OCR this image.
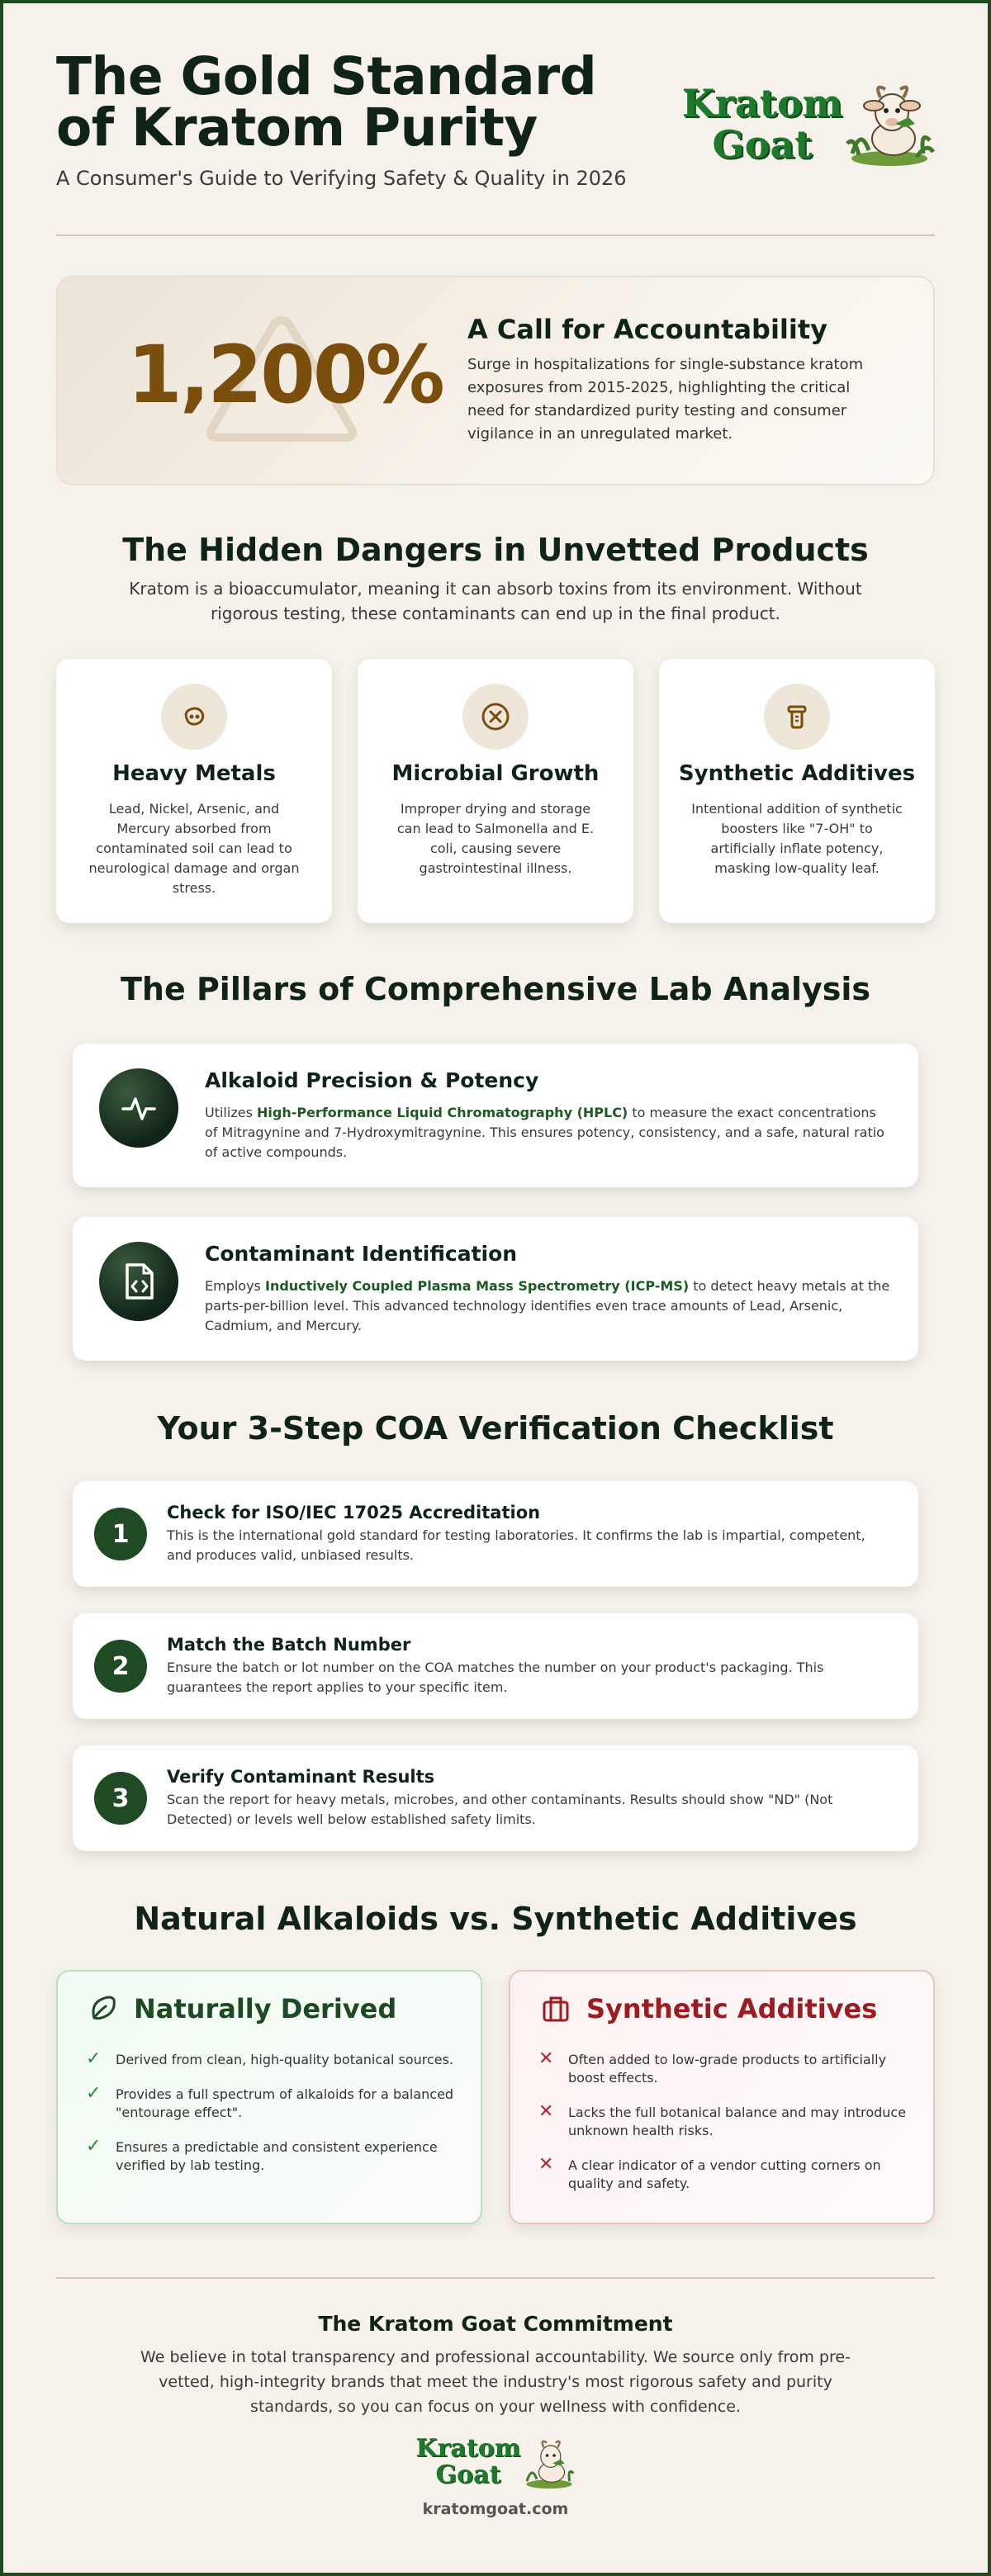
The Gold Standard of Kratom Purity
A Consumer's Guide to Verifying Safety & Quality in 2026
Kratom
Goat
1,200% A Call for Accountability
Surge in hospitalizations for single-substance kratom exposures from 2015-2025, highlighting the critical need for standardized purity testing and consumer vigilance in an unregulated market.
The Hidden Dangers in Unvetted Products

Kratom is a bioaccumulator, meaning it can absorb toxins from its environment. Without rigorous testing, these contaminants can end up in the final product.

Heavy Metals
Lead, Nickel, Arsenic, and Mercury absorbed from contaminated soil can lead to neurological damage and organ stress.
Microbial Growth
Improper drying and storage can lead to Salmonella and E. coli, causing severe gastrointestinal illness.
Synthetic Additives
Intentional addition of synthetic boosters like "7-OH" to artificially inflate potency, masking low-quality leaf.
The Pillars of Comprehensive Lab Analysis
Alkaloid Precision & Potency
Utilizes High-Performance Liquid Chromatography (HPLC) to measure the exact concentrations of Mitragynine and 7-Hydroxymitragynine. This ensures potency, consistency, and a safe, natural ratio of active compounds.
Contaminant Identification
Employs Inductively Coupled Plasma Mass Spectrometry (ICP-MS) to detect heavy metals at the parts-per-billion level. This advanced technology identifies even trace amounts of Lead, Arsenic, Cadmium, and Mercury.
Your 3-Step COA Verification Checklist
1
Check for ISO/IEC 17025 Accreditation
This is the international gold standard for testing laboratories. It confirms the lab is impartial, competent, and produces valid, unbiased results.
2
Match the Batch Number
Ensure the batch or lot number on the COA matches the number on your product's packaging. This guarantees the report applies to your specific item.
3
Verify Contaminant Results
Scan the report for heavy metals, microbes, and other contaminants. Results should show "ND" (Not Detected) or levels well below established safety limits.
Natural Alkaloids vs. Synthetic Additives
Naturally Derived
✓ Derived from clean, high-quality botanical sources.
✓ Provides a full spectrum of alkaloids for a balanced "entourage effect".
✓ Ensures a predictable and consistent experience verified by lab testing.
Synthetic Additives
✕ Often added to low-grade products to artificially boost effects.
✕ Lacks the full botanical balance and may introduce unknown health risks.
✕ A clear indicator of a vendor cutting corners on quality and safety.
The Kratom Goat Commitment

We believe in total transparency and professional accountability. We source only from pre-vetted, high-integrity brands that meet the industry's most rigorous safety and purity standards, so you can focus on your wellness with confidence.

Kratom
Goat
kratomgoat.com
